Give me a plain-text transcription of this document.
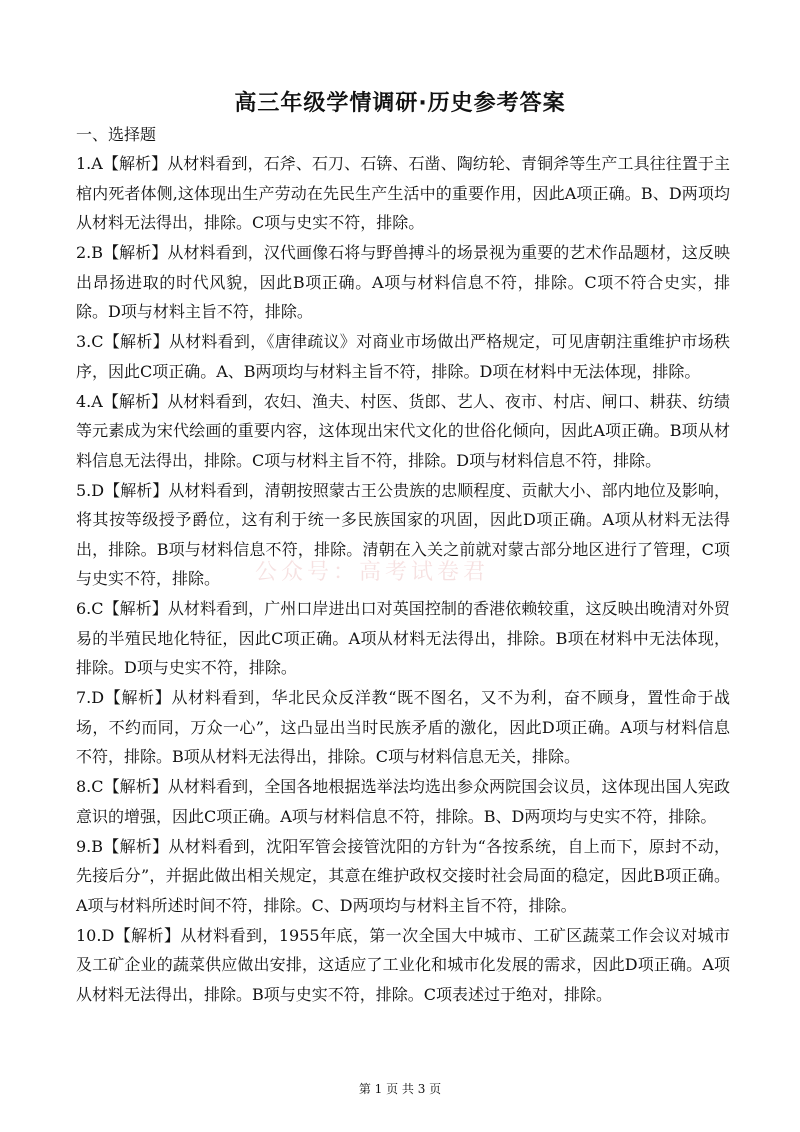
高三年级学情调研·历史参考答案

一、选择题

1.A【解析】从材料看到，石斧、石刀、石锛、石凿、陶纺轮、青铜斧等生产工具往往置于主棺内死者体侧,这体现出生产劳动在先民生产生活中的重要作用，因此A项正确。B、D两项均从材料无法得出，排除。C项与史实不符，排除。
2.B【解析】从材料看到，汉代画像石将与野兽搏斗的场景视为重要的艺术作品题材，这反映出昂扬进取的时代风貌，因此B项正确。A项与材料信息不符，排除。C项不符合史实，排除。D项与材料主旨不符，排除。
3.C【解析】从材料看到，《唐律疏议》对商业市场做出严格规定，可见唐朝注重维护市场秩序，因此C项正确。A、B两项均与材料主旨不符，排除。D项在材料中无法体现，排除。
4.A【解析】从材料看到，农妇、渔夫、村医、货郎、艺人、夜市、村店、闸口、耕获、纺绩等元素成为宋代绘画的重要内容，这体现出宋代文化的世俗化倾向，因此A项正确。B项从材料信息无法得出，排除。C项与材料主旨不符，排除。D项与材料信息不符，排除。
5.D【解析】从材料看到，清朝按照蒙古王公贵族的忠顺程度、贡献大小、部内地位及影响，将其按等级授予爵位，这有利于统一多民族国家的巩固，因此D项正确。A项从材料无法得出，排除。B项与材料信息不符，排除。清朝在入关之前就对蒙古部分地区进行了管理，C项与史实不符，排除。
6.C【解析】从材料看到，广州口岸进出口对英国控制的香港依赖较重，这反映出晚清对外贸易的半殖民地化特征，因此C项正确。A项从材料无法得出，排除。B项在材料中无法体现，排除。D项与史实不符，排除。
7.D【解析】从材料看到，华北民众反洋教“既不图名，又不为利，奋不顾身，置性命于战场，不约而同，万众一心”，这凸显出当时民族矛盾的激化，因此D项正确。A项与材料信息不符，排除。B项从材料无法得出，排除。C项与材料信息无关，排除。
8.C【解析】从材料看到，全国各地根据选举法均选出参众两院国会议员，这体现出国人宪政意识的增强，因此C项正确。A项与材料信息不符，排除。B、D两项均与史实不符，排除。
9.B【解析】从材料看到，沈阳军管会接管沈阳的方针为“各按系统，自上而下，原封不动，先接后分”，并据此做出相关规定，其意在维护政权交接时社会局面的稳定，因此B项正确。A项与材料所述时间不符，排除。C、D两项均与材料主旨不符，排除。
10.D【解析】从材料看到，1955年底，第一次全国大中城市、工矿区蔬菜工作会议对城市及工矿企业的蔬菜供应做出安排，这适应了工业化和城市化发展的需求，因此D项正确。A项从材料无法得出，排除。B项与史实不符，排除。C项表述过于绝对，排除。
公众号：高考试卷君

第 1 页 共 3 页
